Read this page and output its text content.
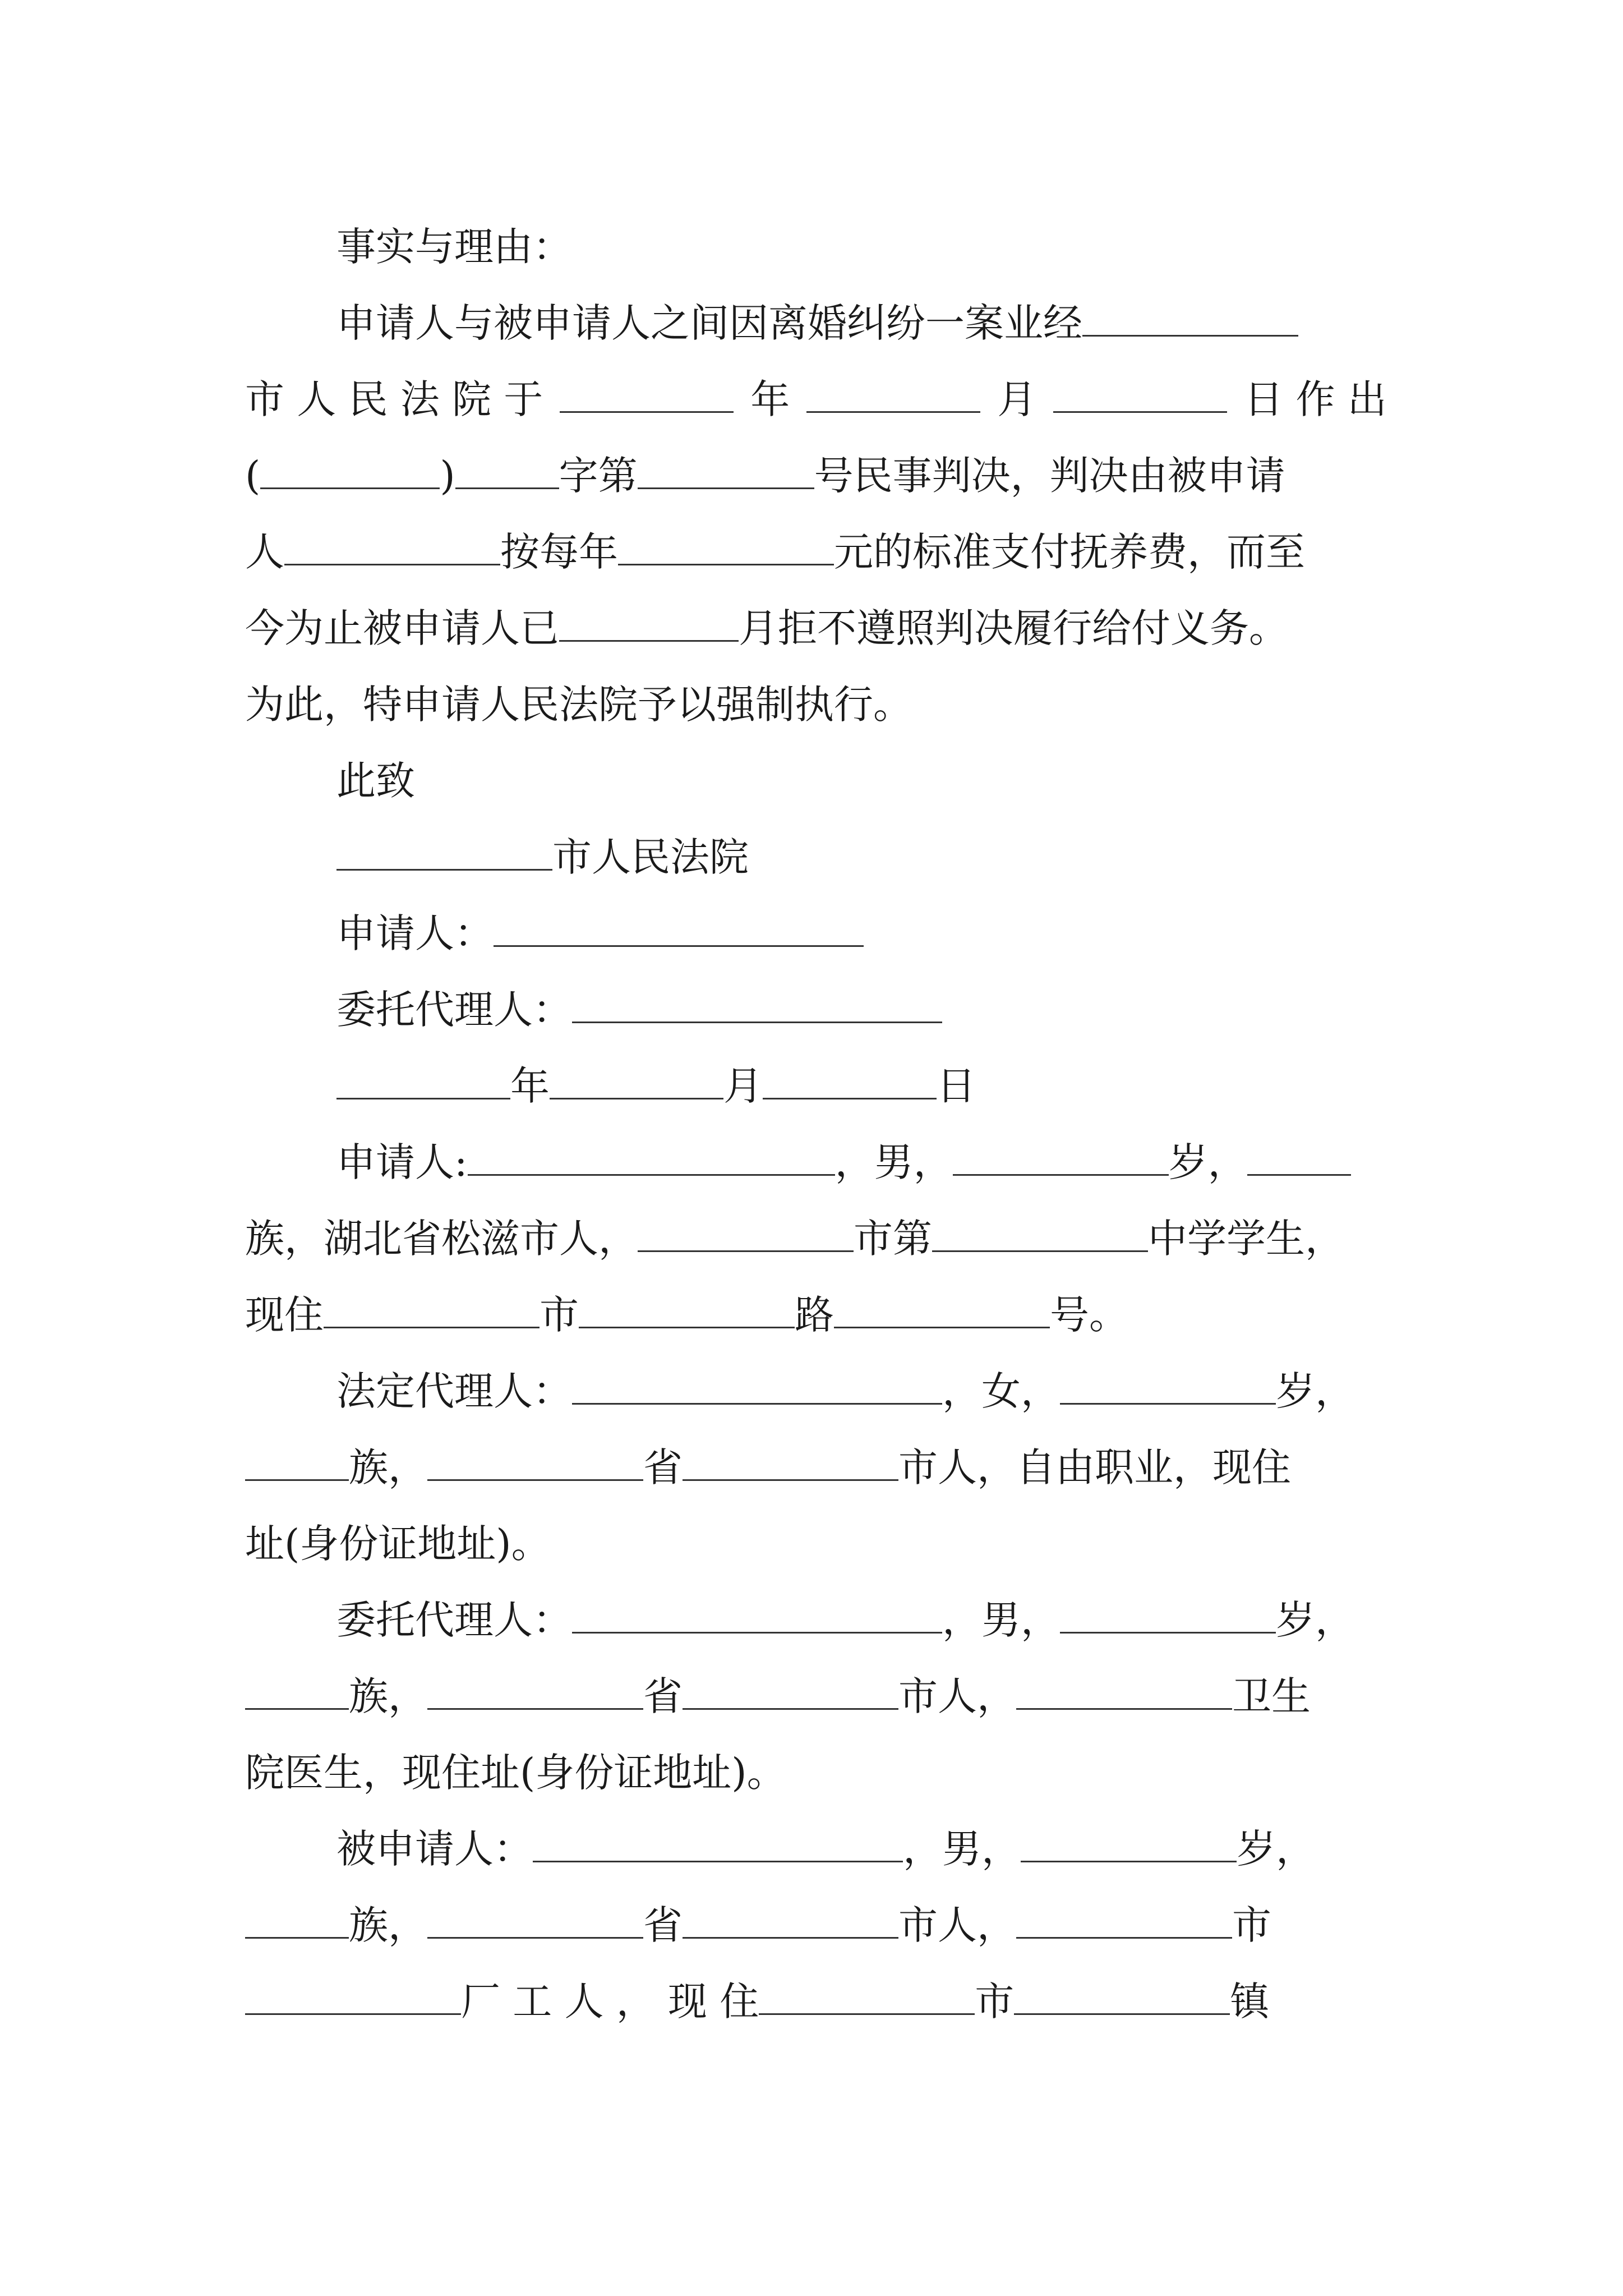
事实与理由：
申请人与被申请人之间因离婚纠纷一案业经
市 人 民 法 院 于	年	月	日 作 出
(	)	字第	号民事判决，判决由被申请
人	按每年	元的标准支付抚养费，而至
今为止被申请人已	月拒不遵照判决履行给付义务。
为此，特申请人民法院予以强制执行。
此致
市人民法院
申请人：
委托代理人：
年	月	日
申请人:	，男，	岁，
族，湖北省松滋市人，	市第	中学学生，
现住	市	路	号。
法定代理人：	，女，	岁，
族，	省	市人，自由职业，现住
址(身份证地址)。
委托代理人：	，男，	岁，
族，	省	市人，	卫生
院医生，现住址(身份证地址)。
被申请人：	，男，	岁，
族，	省	市人，	市
厂 工 人 ， 现 住	市	镇
